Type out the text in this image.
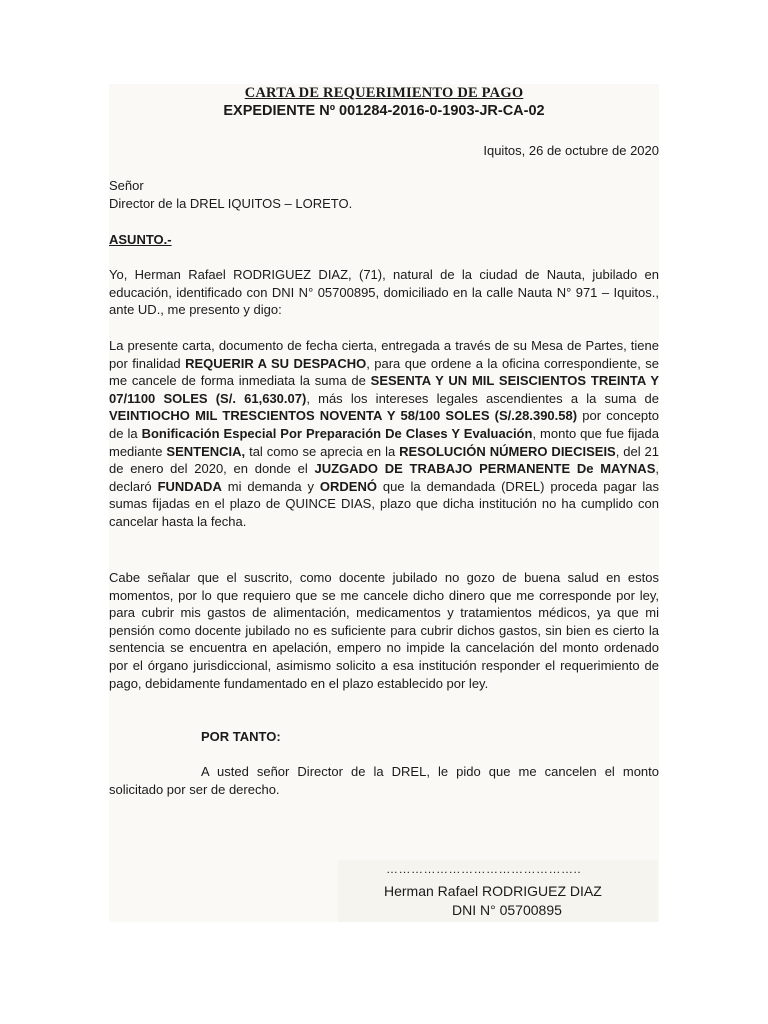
CARTA DE REQUERIMIENTO DE PAGO
EXPEDIENTE Nº 001284-2016-0-1903-JR-CA-02
Iquitos, 26 de octubre de 2020
Señor
Director de la DREL IQUITOS – LORETO.
ASUNTO.-
Yo, Herman Rafael RODRIGUEZ DIAZ, (71), natural de la ciudad de Nauta, jubilado en educación, identificado con DNI N° 05700895, domiciliado en la calle Nauta N° 971 – Iquitos., ante UD., me presento y digo:
La presente carta, documento de fecha cierta, entregada a través de su Mesa de Partes, tiene por finalidad REQUERIR A SU DESPACHO, para que ordene a la oficina correspondiente, se me cancele de forma inmediata la suma de SESENTA Y UN MIL SEISCIENTOS TREINTA Y 07/1100 SOLES (S/. 61,630.07), más los intereses legales ascendientes a la suma de VEINTIOCHO MIL TRESCIENTOS NOVENTA Y 58/100 SOLES (S/.28.390.58) por concepto de la Bonificación Especial Por Preparación De Clases Y Evaluación, monto que fue fijada mediante SENTENCIA, tal como se aprecia en la RESOLUCIÓN NÚMERO DIECISEIS, del 21 de enero del 2020, en donde el JUZGADO DE TRABAJO PERMANENTE De MAYNAS, declaró FUNDADA mi demanda y ORDENÓ que la demandada (DREL) proceda pagar las sumas fijadas en el plazo de QUINCE DIAS, plazo que dicha institución no ha cumplido con cancelar hasta la fecha.
Cabe señalar que el suscrito, como docente jubilado no gozo de buena salud en estos momentos, por lo que requiero que se me cancele dicho dinero que me corresponde por ley, para cubrir mis gastos de alimentación, medicamentos y tratamientos médicos, ya que mi pensión como docente jubilado no es suficiente para cubrir dichos gastos, sin bien es cierto la sentencia se encuentra en apelación, empero no impide la cancelación del monto ordenado por el órgano jurisdiccional, asimismo solicito a esa institución responder el requerimiento de pago, debidamente fundamentado en el plazo establecido por ley.
POR TANTO:
A usted señor Director de la DREL, le pido que me cancelen el monto solicitado por ser de derecho.
………………………………………..
Herman Rafael RODRIGUEZ DIAZ
DNI N° 05700895
